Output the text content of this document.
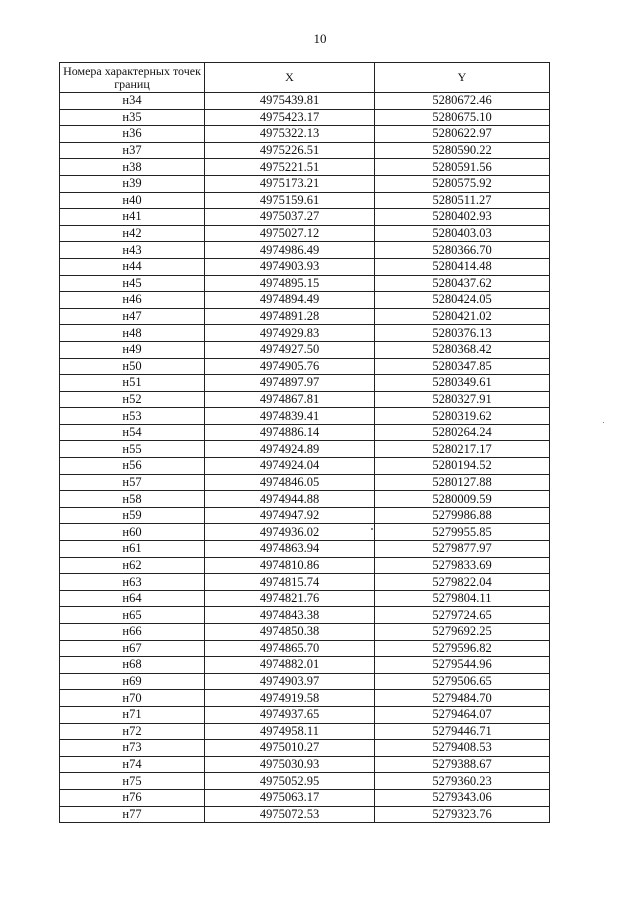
10
Номера характерных точек границ	X	Y
н34	4975439.81	5280672.46
н35	4975423.17	5280675.10
н36	4975322.13	5280622.97
н37	4975226.51	5280590.22
н38	4975221.51	5280591.56
н39	4975173.21	5280575.92
н40	4975159.61	5280511.27
н41	4975037.27	5280402.93
н42	4975027.12	5280403.03
н43	4974986.49	5280366.70
н44	4974903.93	5280414.48
н45	4974895.15	5280437.62
н46	4974894.49	5280424.05
н47	4974891.28	5280421.02
н48	4974929.83	5280376.13
н49	4974927.50	5280368.42
н50	4974905.76	5280347.85
н51	4974897.97	5280349.61
н52	4974867.81	5280327.91
н53	4974839.41	5280319.62
н54	4974886.14	5280264.24
н55	4974924.89	5280217.17
н56	4974924.04	5280194.52
н57	4974846.05	5280127.88
н58	4974944.88	5280009.59
н59	4974947.92	5279986.88
н60	4974936.02	5279955.85
н61	4974863.94	5279877.97
н62	4974810.86	5279833.69
н63	4974815.74	5279822.04
н64	4974821.76	5279804.11
н65	4974843.38	5279724.65
н66	4974850.38	5279692.25
н67	4974865.70	5279596.82
н68	4974882.01	5279544.96
н69	4974903.97	5279506.65
н70	4974919.58	5279484.70
н71	4974937.65	5279464.07
н72	4974958.11	5279446.71
н73	4975010.27	5279408.53
н74	4975030.93	5279388.67
н75	4975052.95	5279360.23
н76	4975063.17	5279343.06
н77	4975072.53	5279323.76
